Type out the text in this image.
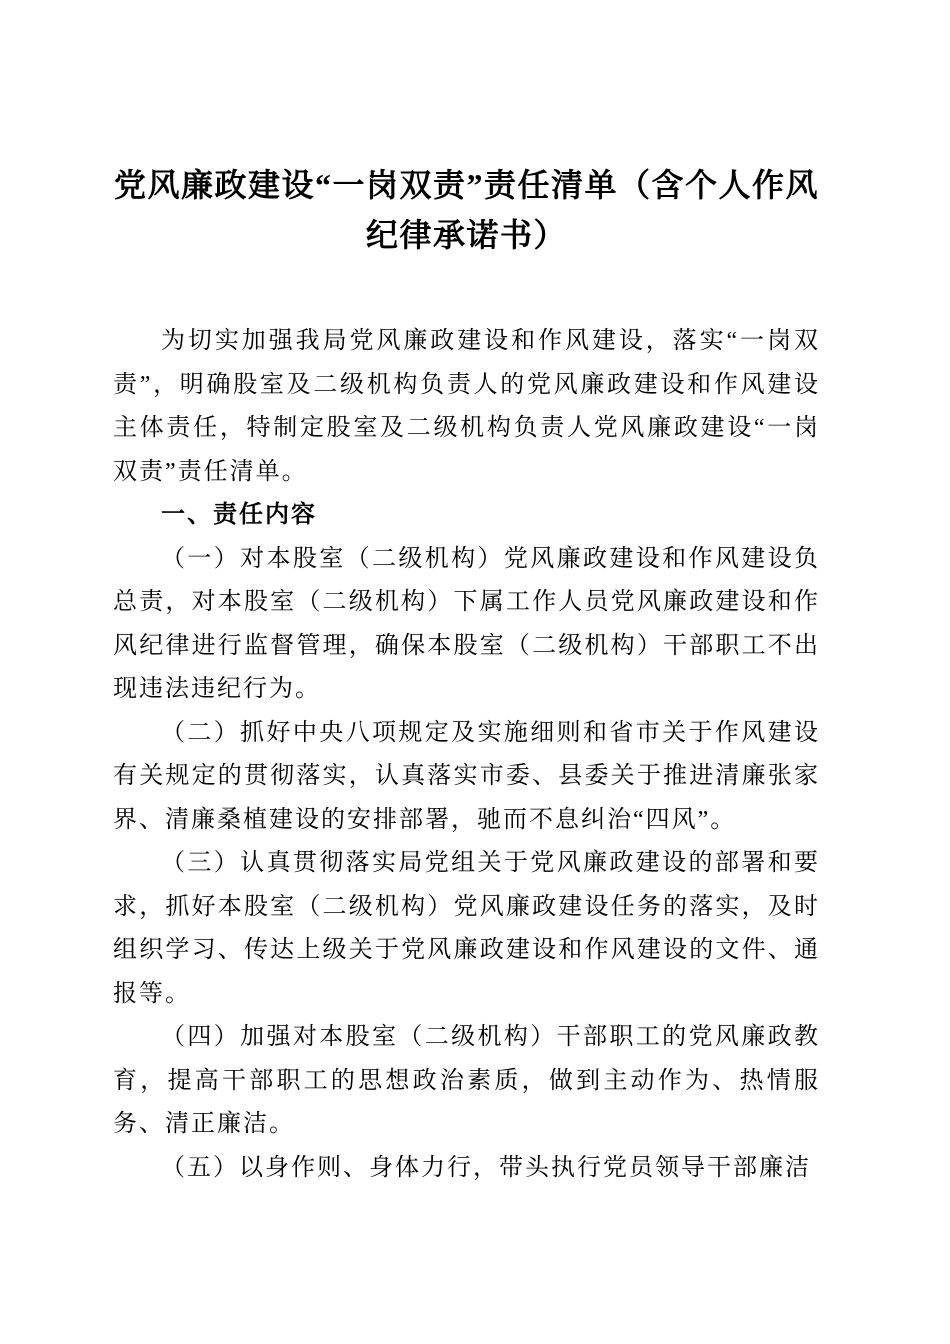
党风廉政建设“一岗双责”责任清单（含个人作风纪律承诺书）

为切实加强我局党风廉政建设和作风建设，落实“一岗双责”，明确股室及二级机构负责人的党风廉政建设和作风建设主体责任，特制定股室及二级机构负责人党风廉政建设“一岗双责”责任清单。

一、责任内容

（一）对本股室（二级机构）党风廉政建设和作风建设负总责，对本股室（二级机构）下属工作人员党风廉政建设和作风纪律进行监督管理，确保本股室（二级机构）干部职工不出现违法违纪行为。

（二）抓好中央八项规定及实施细则和省市关于作风建设有关规定的贯彻落实，认真落实市委、县委关于推进清廉张家界、清廉桑植建设的安排部署，驰而不息纠治“四风”。

（三）认真贯彻落实局党组关于党风廉政建设的部署和要求，抓好本股室（二级机构）党风廉政建设任务的落实，及时组织学习、传达上级关于党风廉政建设和作风建设的文件、通报等。

（四）加强对本股室（二级机构）干部职工的党风廉政教育，提高干部职工的思想政治素质，做到主动作为、热情服务、清正廉洁。

（五）以身作则、身体力行，带头执行党员领导干部廉洁
